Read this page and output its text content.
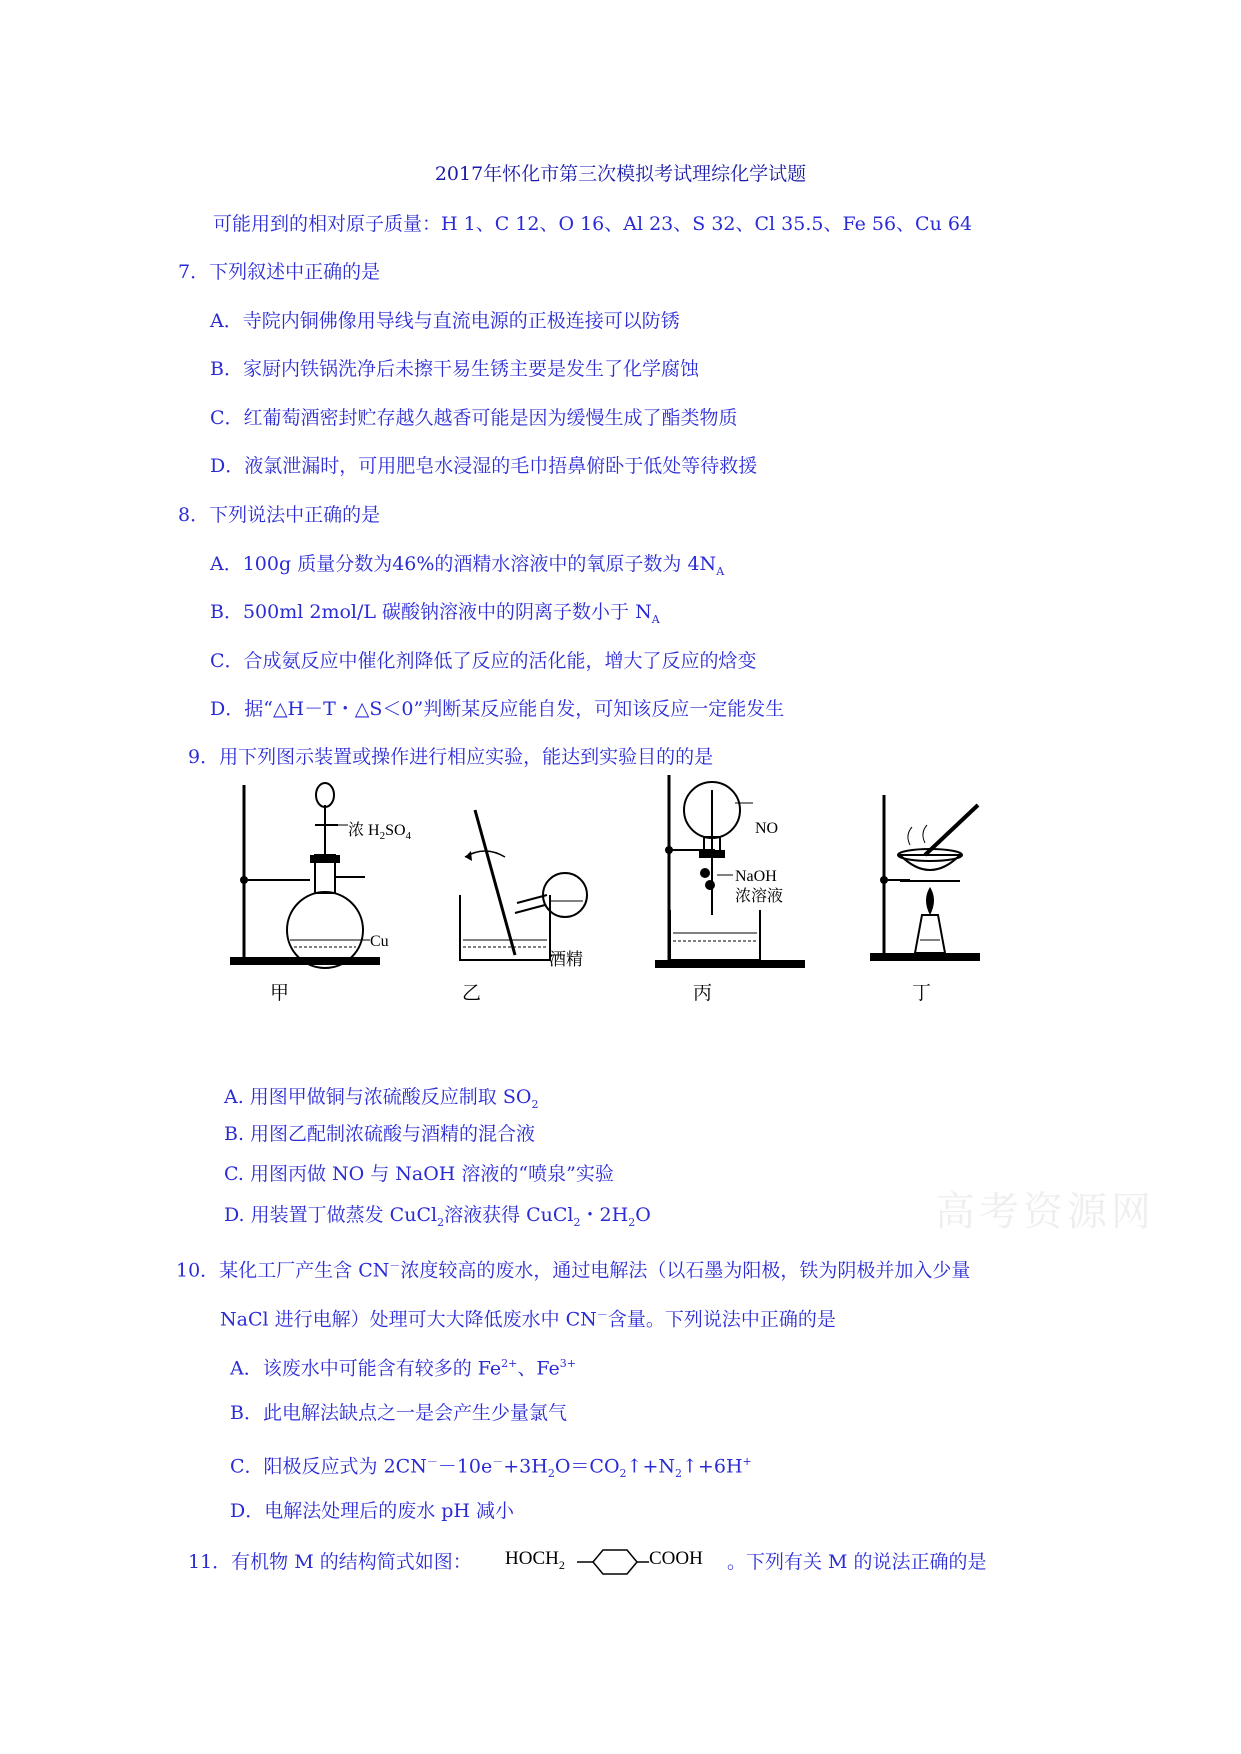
2017年怀化市第三次模拟考试理综化学试题
可能用到的相对原子质量：H 1、C 12、O 16、Al 23、S 32、Cl 35.5、Fe 56、Cu 64
7．下列叙述中正确的是
A．寺院内铜佛像用导线与直流电源的正极连接可以防锈
B．家厨内铁锅洗净后未擦干易生锈主要是发生了化学腐蚀
C．红葡萄酒密封贮存越久越香可能是因为缓慢生成了酯类物质
D．液氯泄漏时，可用肥皂水浸湿的毛巾捂鼻俯卧于低处等待救援
8．下列说法中正确的是
A．100g 质量分数为46%的酒精水溶液中的氧原子数为 $4N_A$
B．500ml 2mol/L 碳酸钠溶液中的阴离子数小于 $N_A$
C．合成氨反应中催化剂降低了反应的活化能，增大了反应的焓变
D．据“△H－T・△S＜0”判断某反应能自发，可知该反应一定能发生
9．用下列图示装置或操作进行相应实验，能达到实验目的的是
浓 $H_2SO_4$
Cu
甲
酒精
乙
NO
NaOH
浓溶液
丙	丁
A. 用图甲做铜与浓硫酸反应制取 $SO_2$
B. 用图乙配制浓硫酸与酒精的混合液
C. 用图丙做 NO 与 NaOH 溶液的“喷泉”实验
D. 用装置丁做蒸发 CuCl$_2$溶液获得 CuCl$_2$・$2H_2O$
10．某化工厂产生含 CN－浓度较高的废水，通过电解法（以石墨为阳极，铁为阴极并加入少量
NaCl 进行电解）处理可大大降低废水中 CN－含量。下列说法中正确的是
A．该废水中可能含有较多的 $Fe^{2+}$、$Fe^{3+}$
B．此电解法缺点之一是会产生少量氯气
C．阳极反应式为 $2CN^--10e^-+3H_2O=CO_2↑+N_2↑+6H^+$
D．电解法处理后的废水 pH 减小
11．有机物 M 的结构简式如图： $HOCH_2$	COOH 。下列有关 M 的说法正确的是
高考资源网
